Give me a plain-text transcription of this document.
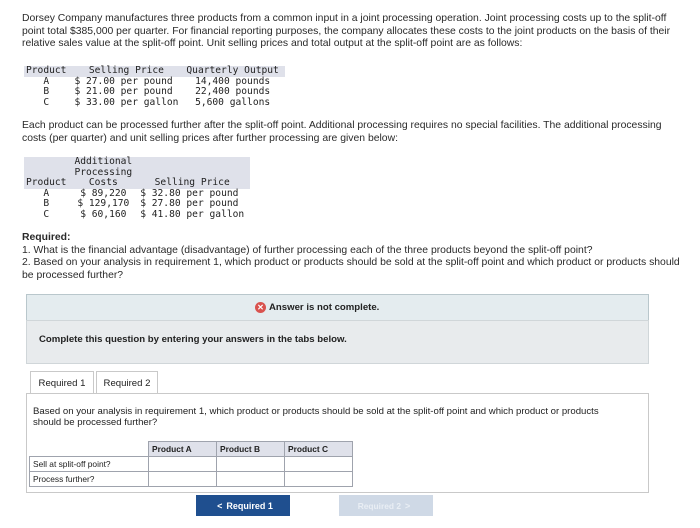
Dorsey Company manufactures three products from a common input in a joint processing operation. Joint processing costs up to the split-off point total $385,000 per quarter. For financial reporting purposes, the company allocates these costs to the joint products on the basis of their relative sales value at the split-off point. Unit selling prices and total output at the split-off point are as follows:

Product	Selling Price	Quarterly Output
A	$ 27.00 per pound	14,400 pounds
B	$ 21.00 per pound	22,400 pounds
C	$ 33.00 per gallon	5,600 gallons

Each product can be processed further after the split-off point. Additional processing requires no special facilities. The additional processing costs (per quarter) and unit selling prices after further processing are given below:

Product	Additional
Processing
Costs	Selling Price
A	$ 89,220	$ 32.80 per pound
B	$ 129,170	$ 27.80 per pound
C	$ 60,160	$ 41.80 per gallon
Required:
1. What is the financial advantage (disadvantage) of further processing each of the three products beyond the split-off point?
2. Based on your analysis in requirement 1, which product or products should be sold at the split-off point and which product or products should be processed further?
✕ Answer is not complete.
Complete this question by entering your answers in the tabs below.
Required 1 Required 2
Based on your analysis in requirement 1, which product or products should be sold at the split-off point and which product or products should be processed further?
	Product A	Product B	Product C
Sell at split-off point?			
Process further?			
< Required 1	Required 2 >
